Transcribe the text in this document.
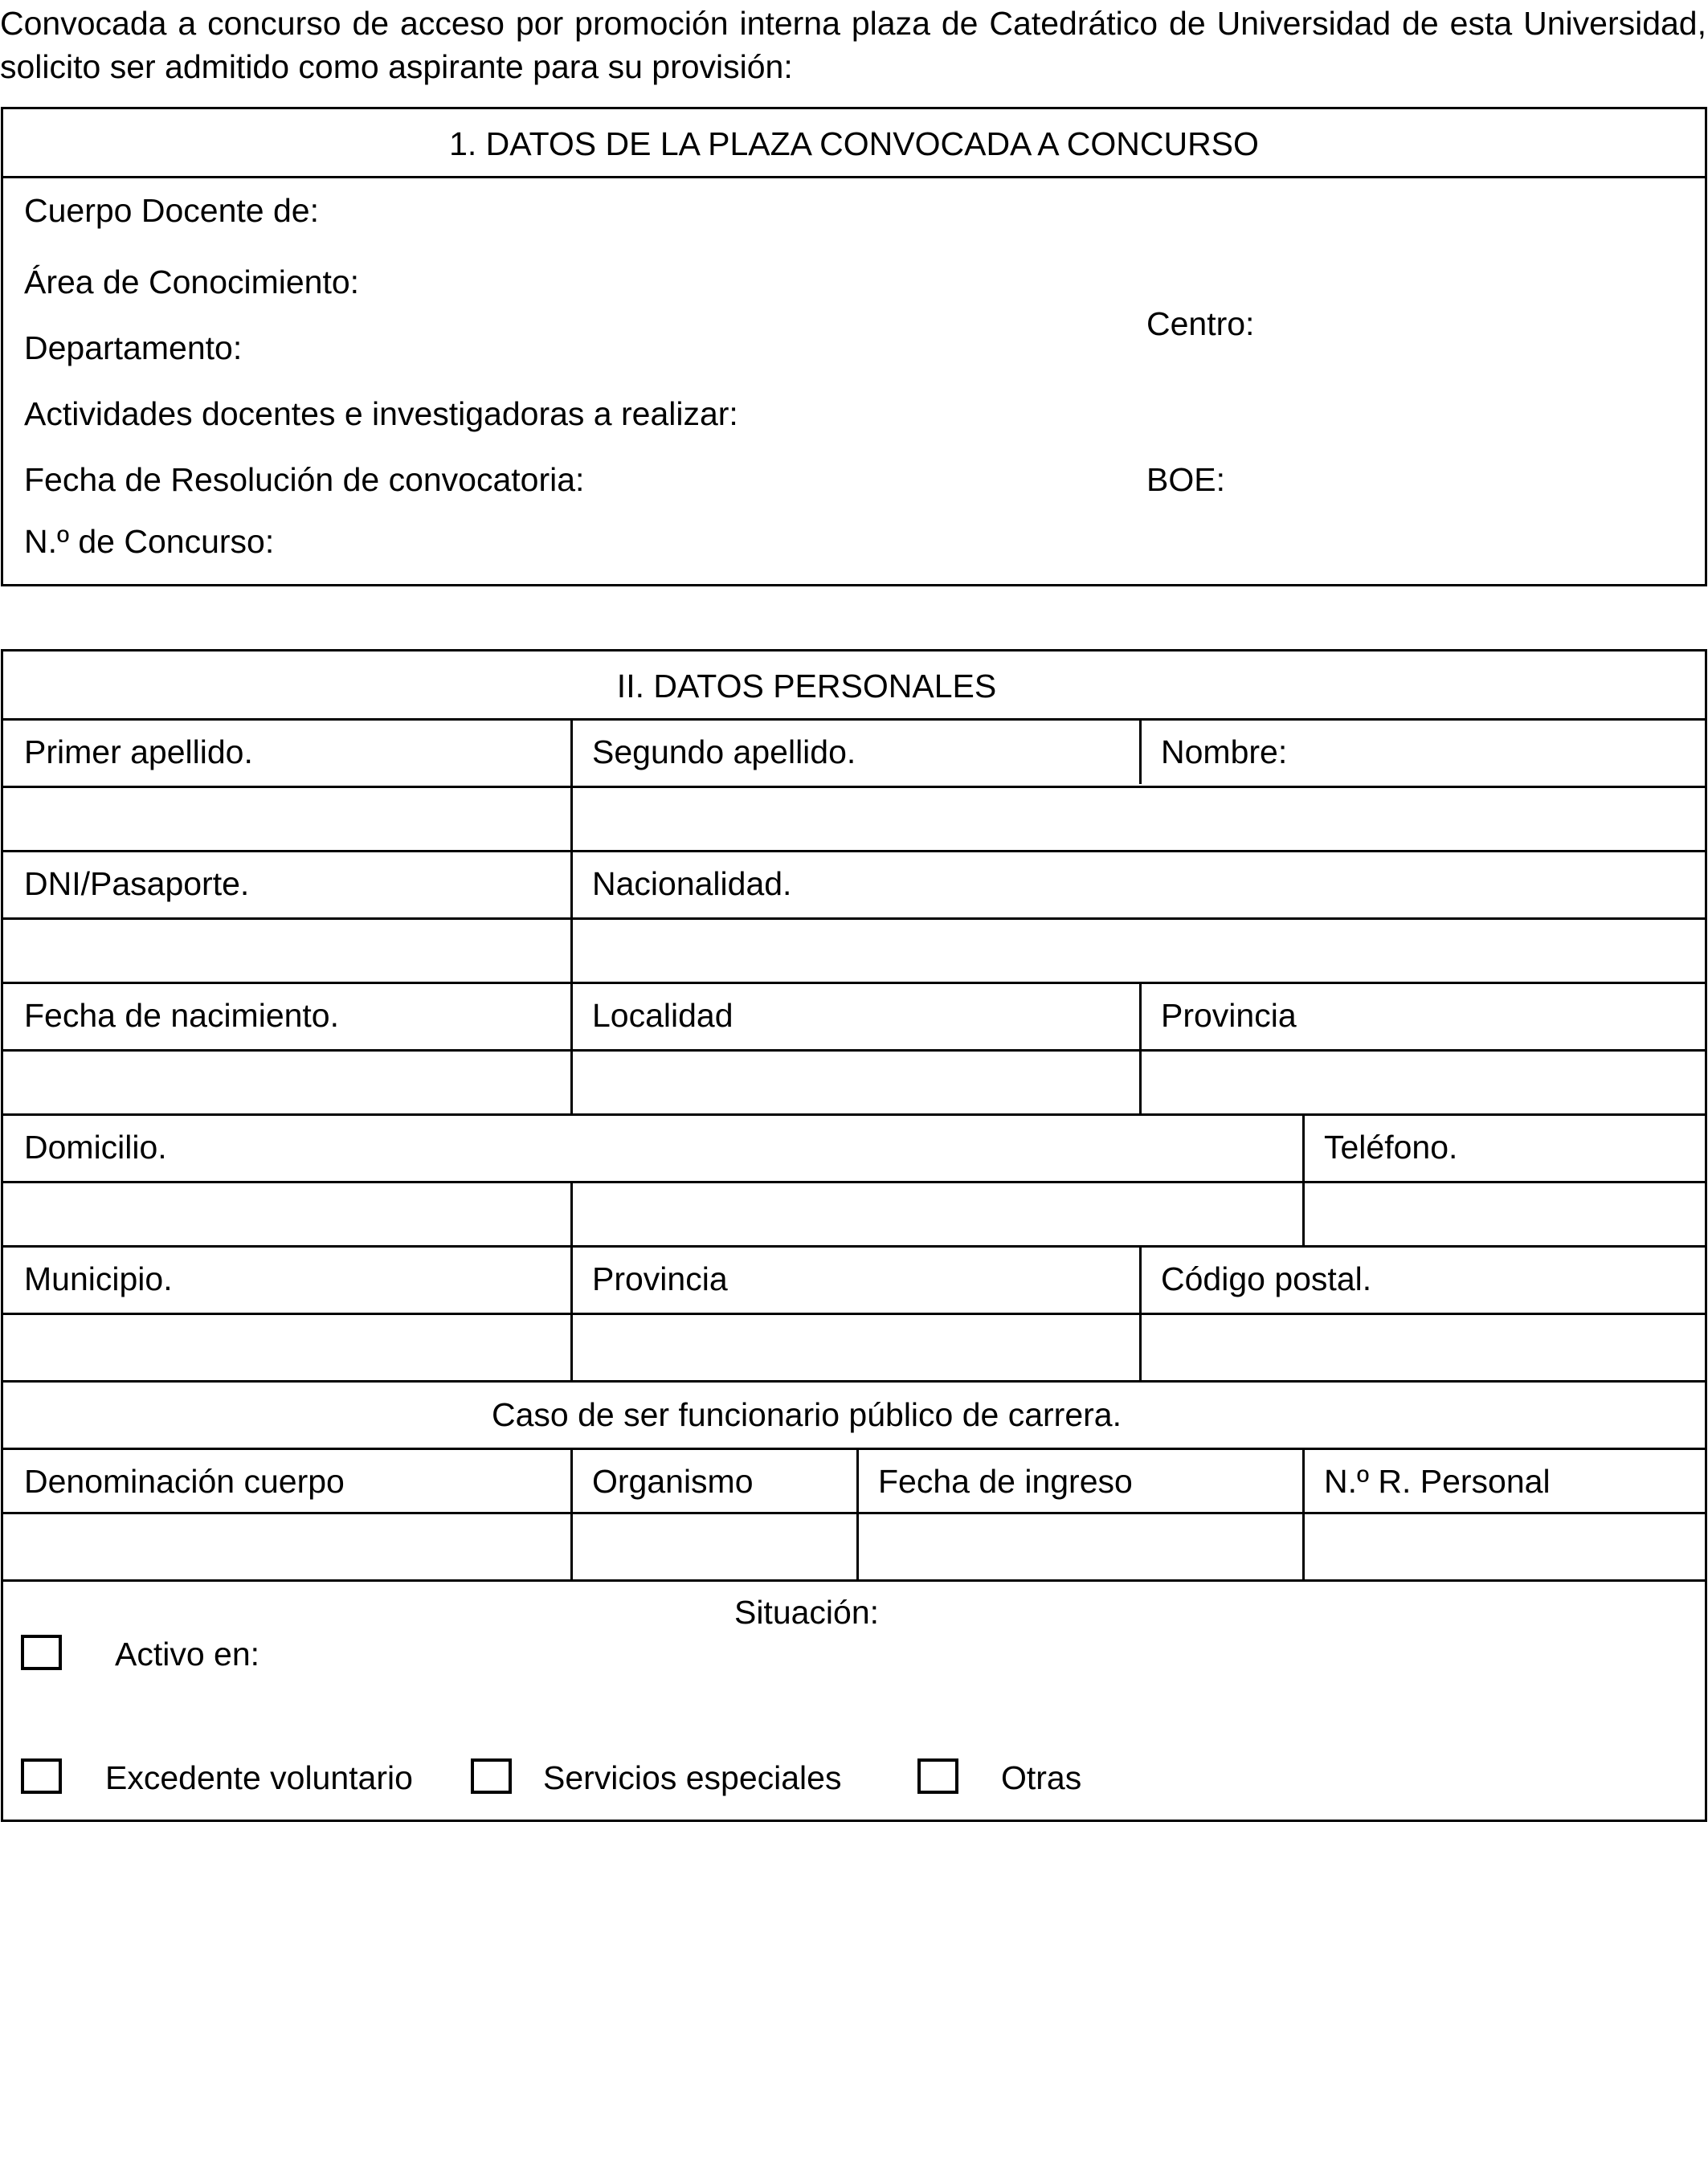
Convocada a concurso de acceso por promoción interna plaza de Catedrático de Universidad de esta Universidad, solicito ser admitido como aspirante para su provisión:
1. DATOS DE LA PLAZA CONVOCADA A CONCURSO
Cuerpo Docente de:
Área de Conocimiento:
Departamento:
Centro:
Actividades docentes e investigadoras a realizar:
Fecha de Resolución de convocatoria:	BOE:
N.º de Concurso:
II. DATOS PERSONALES
Primer apellido.	Segundo apellido.	Nombre:
DNI/Pasaporte.	Nacionalidad.
Fecha de nacimiento.	Localidad	Provincia
Domicilio.	Teléfono.
Municipio.	Provincia	Código postal.
Caso de ser funcionario público de carrera.
Denominación cuerpo	Organismo	Fecha de ingreso	N.º R. Personal
Situación:
Activo en:
Excedente voluntario	Servicios especiales	Otras
